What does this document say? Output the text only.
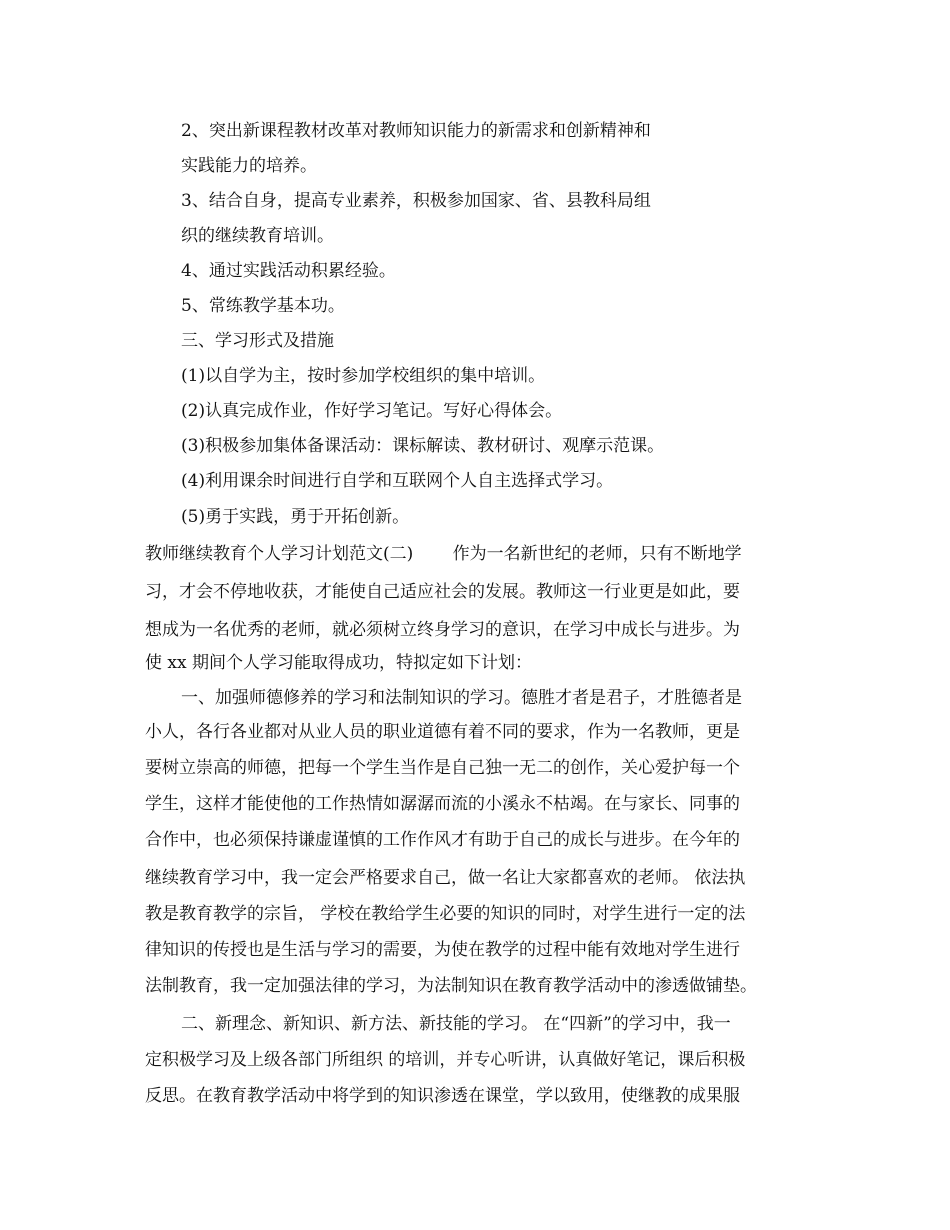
2、突出新课程教材改革对教师知识能力的新需求和创新精神和

实践能力的培养。

3、结合自身，提高专业素养，积极参加国家、省、县教科局组

织的继续教育培训。

4、通过实践活动积累经验。

5、常练教学基本功。

三、学习形式及措施

(1)以自学为主，按时参加学校组织的集中培训。

(2)认真完成作业，作好学习笔记。写好心得体会。

(3)积极参加集体备课活动：课标解读、教材研讨、观摩示范课。

(4)利用课余时间进行自学和互联网个人自主选择式学习。

(5)勇于实践，勇于开拓创新。

教师继续教育个人学习计划范文(二)　　 作为一名新世纪的老师，只有不断地学

习，才会不停地收获，才能使自己适应社会的发展。教师这一行业更是如此，要

想成为一名优秀的老师，就必须树立终身学习的意识，在学习中成长与进步。为

使 xx 期间个人学习能取得成功，特拟定如下计划：

一、加强师德修养的学习和法制知识的学习。德胜才者是君子，才胜德者是

小人，各行各业都对从业人员的职业道德有着不同的要求，作为一名教师，更是

要树立崇高的师德，把每一个学生当作是自己独一无二的创作，关心爱护每一个

学生，这样才能使他的工作热情如潺潺而流的小溪永不枯竭。在与家长、同事的

合作中，也必须保持谦虚谨慎的工作作风才有助于自己的成长与进步。在今年的

继续教育学习中，我一定会严格要求自己，做一名让大家都喜欢的老师。 依法执

教是教育教学的宗旨， 学校在教给学生必要的知识的同时，对学生进行一定的法

律知识的传授也是生活与学习的需要，为使在教学的过程中能有效地对学生进行

法制教育，我一定加强法律的学习，为法制知识在教育教学活动中的渗透做铺垫。

二、新理念、新知识、新方法、新技能的学习。 在“四新”的学习中，我一

定积极学习及上级各部门所组织 的培训，并专心听讲，认真做好笔记，课后积极

反思。在教育教学活动中将学到的知识渗透在课堂，学以致用，使继教的成果服
